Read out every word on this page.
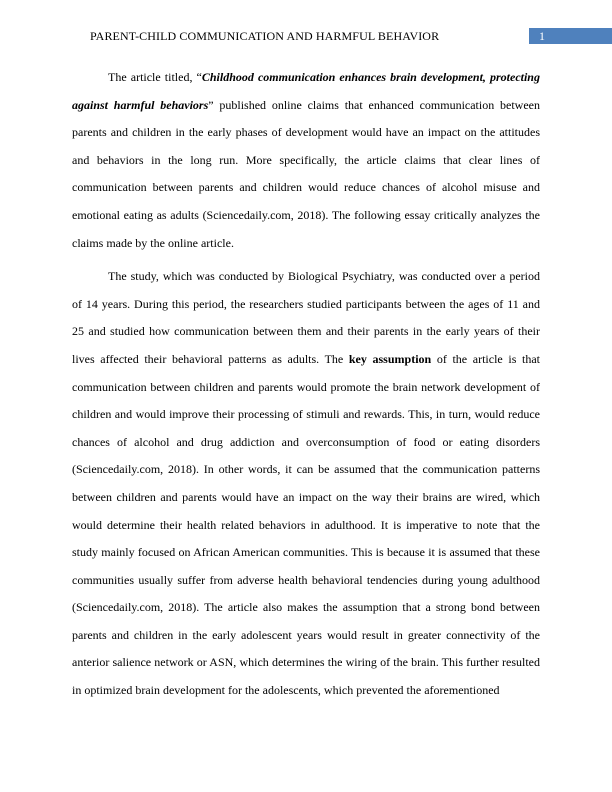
PARENT-CHILD COMMUNICATION AND HARMFUL BEHAVIOR	1

The article titled, “Childhood communication enhances brain development, protecting against harmful behaviors” published online claims that enhanced communication between parents and children in the early phases of development would have an impact on the attitudes and behaviors in the long run. More specifically, the article claims that clear lines of communication between parents and children would reduce chances of alcohol misuse and emotional eating as adults (Sciencedaily.com, 2018). The following essay critically analyzes the claims made by the online article.

The study, which was conducted by Biological Psychiatry, was conducted over a period of 14 years. During this period, the researchers studied participants between the ages of 11 and 25 and studied how communication between them and their parents in the early years of their lives affected their behavioral patterns as adults. The key assumption of the article is that communication between children and parents would promote the brain network development of children and would improve their processing of stimuli and rewards. This, in turn, would reduce chances of alcohol and drug addiction and overconsumption of food or eating disorders (Sciencedaily.com, 2018). In other words, it can be assumed that the communication patterns between children and parents would have an impact on the way their brains are wired, which would determine their health related behaviors in adulthood. It is imperative to note that the study mainly focused on African American communities. This is because it is assumed that these communities usually suffer from adverse health behavioral tendencies during young adulthood (Sciencedaily.com, 2018). The article also makes the assumption that a strong bond between parents and children in the early adolescent years would result in greater connectivity of the anterior salience network or ASN, which determines the wiring of the brain. This further resulted in optimized brain development for the adolescents, which prevented the aforementioned
